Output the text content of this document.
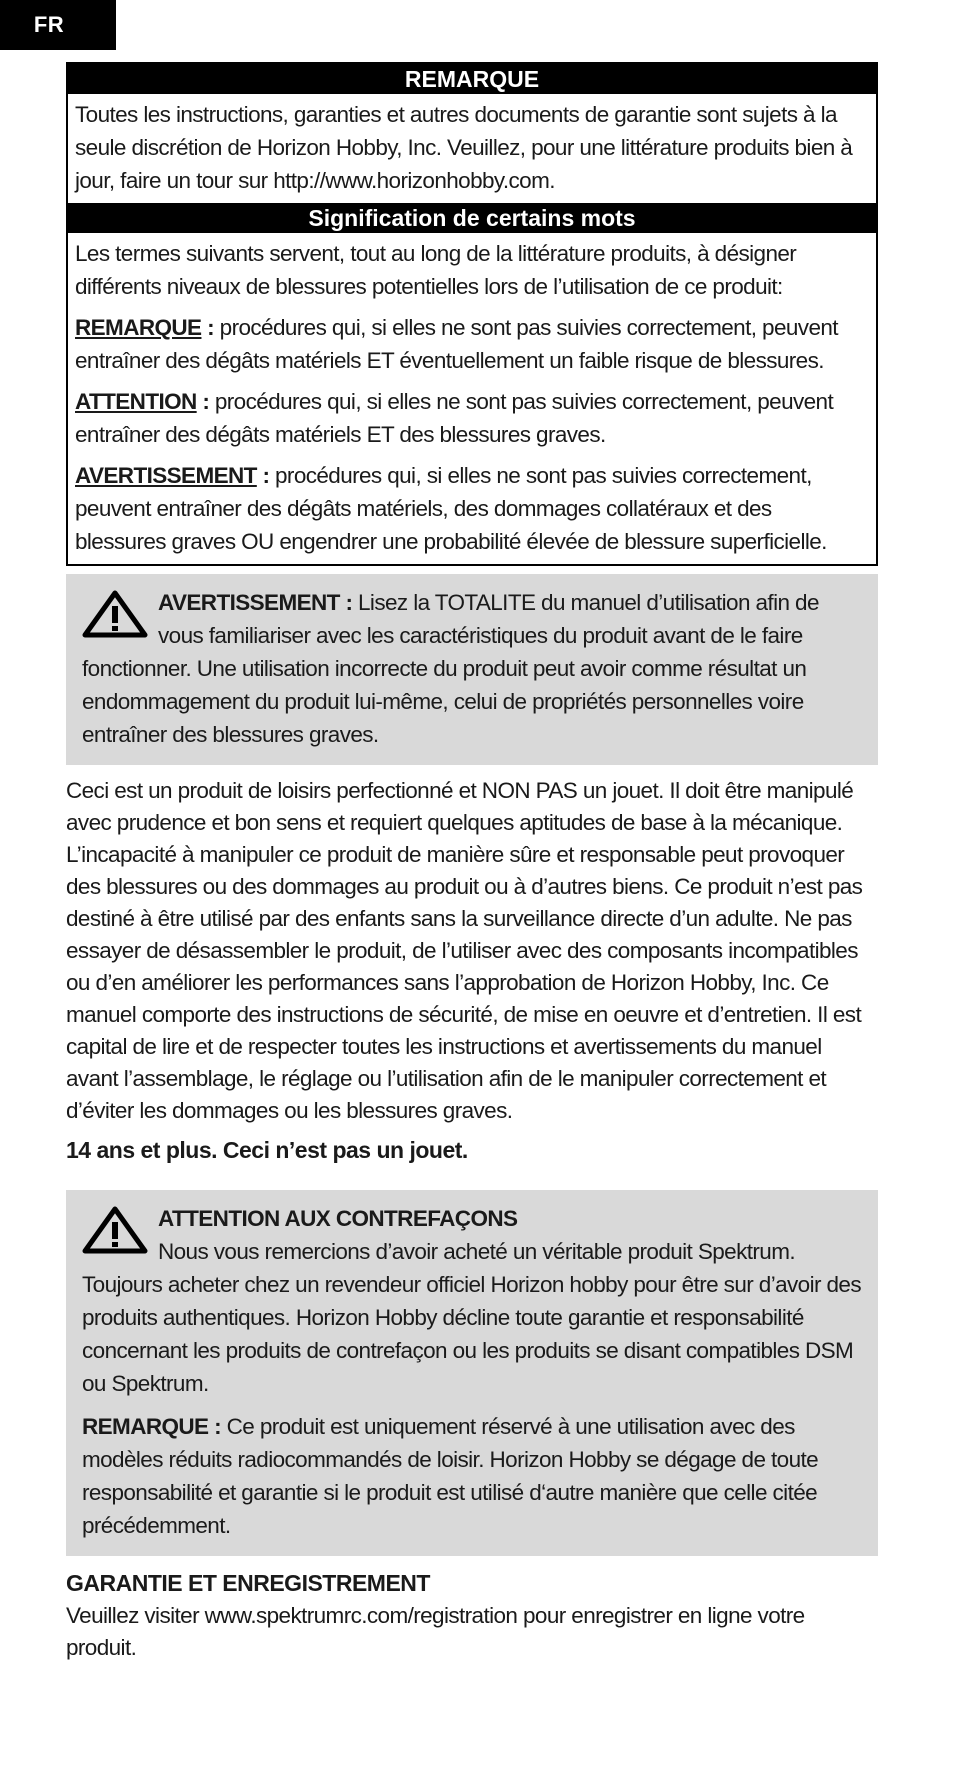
FR
REMARQUE

Toutes les instructions, garanties et autres documents de garantie sont sujets à la seule discrétion de Horizon Hobby, Inc. Veuillez, pour une littérature produits bien à jour, faire un tour sur http://www.horizonhobby.com.

Signification de certains mots

Les termes suivants servent, tout au long de la littérature produits, à désigner différents niveaux de blessures potentielles lors de l’utilisation de ce produit:

REMARQUE : procédures qui, si elles ne sont pas suivies correctement, peuvent entraîner des dégâts matériels ET éventuellement un faible risque de blessures.

ATTENTION : procédures qui, si elles ne sont pas suivies correctement, peuvent entraîner des dégâts matériels ET des blessures graves.

AVERTISSEMENT : procédures qui, si elles ne sont pas suivies correctement, peuvent entraîner des dégâts matériels, des dommages collatéraux et des blessures graves OU engendrer une probabilité élevée de blessure superficielle.

AVERTISSEMENT : Lisez la TOTALITE du manuel d’utilisation afin de vous familiariser avec les caractéristiques du produit avant de le faire fonctionner. Une utilisation incorrecte du produit peut avoir comme résultat un endommagement du produit lui-même, celui de propriétés personnelles voire entraîner des blessures graves.

Ceci est un produit de loisirs perfectionné et NON PAS un jouet. Il doit être manipulé avec prudence et bon sens et requiert quelques aptitudes de base à la mécanique. L’incapacité à manipuler ce produit de manière sûre et responsable peut provoquer des blessures ou des dommages au produit ou à d’autres biens. Ce produit n’est pas destiné à être utilisé par des enfants sans la surveillance directe d’un adulte. Ne pas essayer de désassembler le produit, de l’utiliser avec des composants incompatibles ou d’en améliorer les performances sans l’approbation de Horizon Hobby, Inc. Ce manuel comporte des instructions de sécurité, de mise en oeuvre et d’entretien. Il est capital de lire et de respecter toutes les instructions et avertissements du manuel avant l’assemblage, le réglage ou l’utilisation afin de le manipuler correctement et d’éviter les dommages ou les blessures graves.

14 ans et plus. Ceci n’est pas un jouet.

ATTENTION AUX CONTREFAÇONS
Nous vous remercions d’avoir acheté un véritable produit Spektrum. Toujours acheter chez un revendeur officiel Horizon hobby pour être sur d’avoir des produits authentiques. Horizon Hobby décline toute garantie et responsabilité concernant les produits de contrefaçon ou les produits se disant compatibles DSM ou Spektrum.

REMARQUE : Ce produit est uniquement réservé à une utilisation avec des modèles réduits radiocommandés de loisir. Horizon Hobby se dégage de toute responsabilité et garantie si le produit est utilisé d‘autre manière que celle citée précédemment.

GARANTIE ET ENREGISTREMENT

Veuillez visiter www.spektrumrc.com/registration pour enregistrer en ligne votre produit.
